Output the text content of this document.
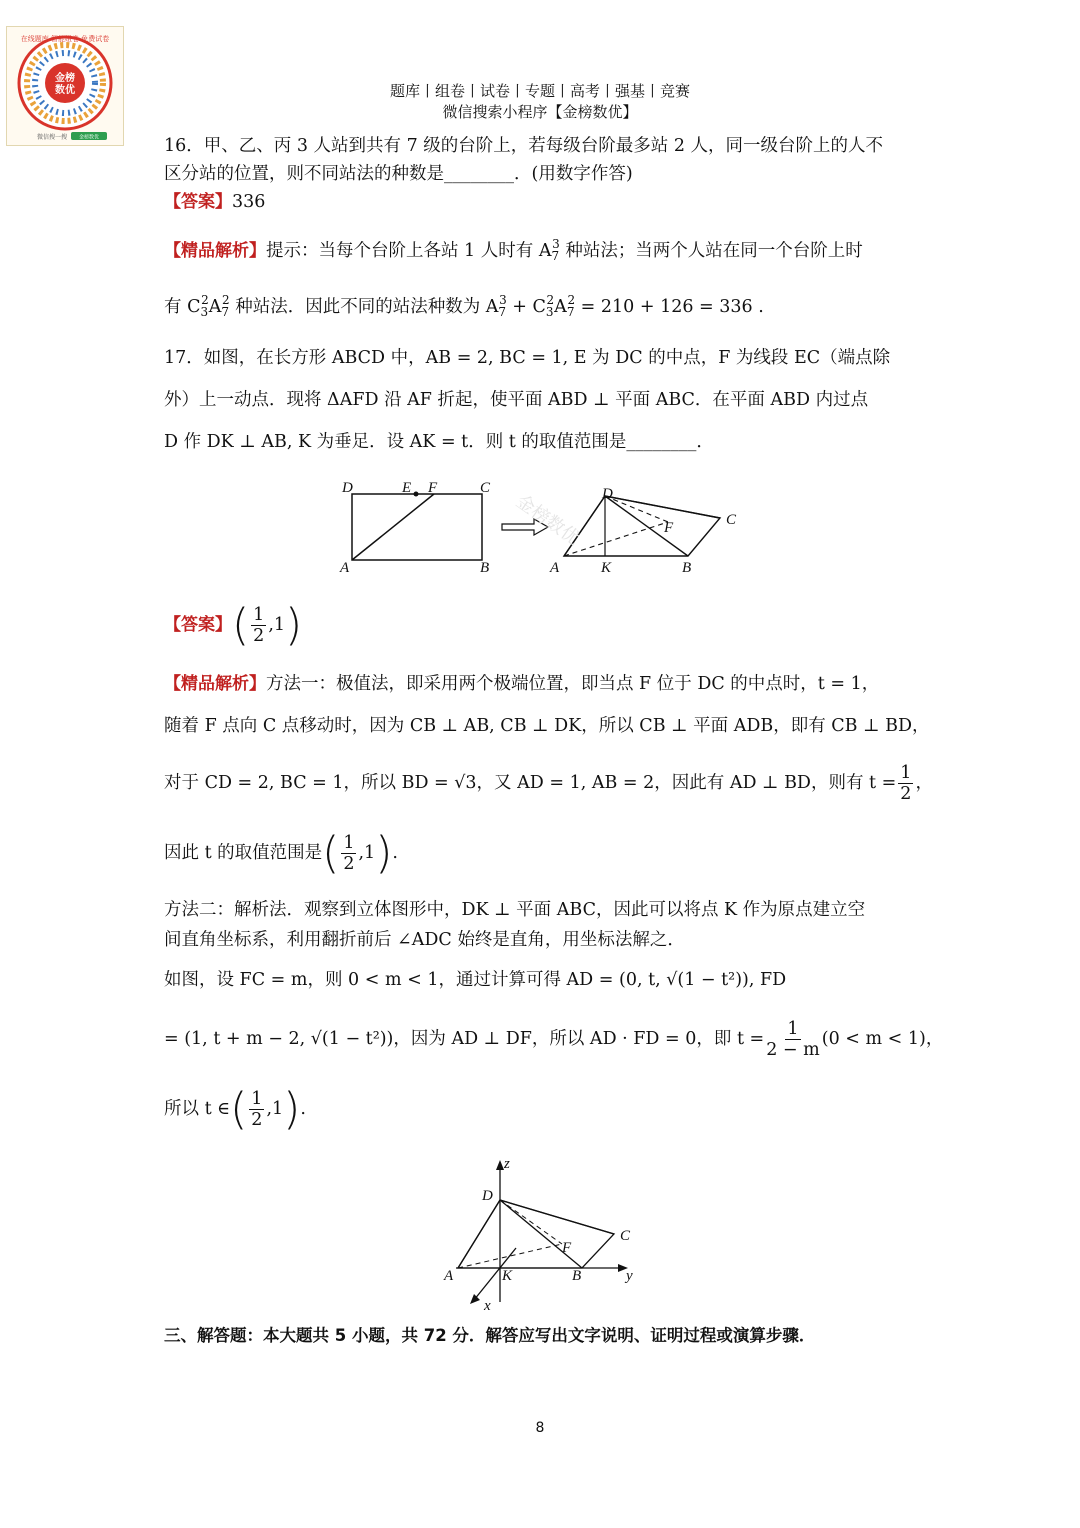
金榜
数优
在线题库 智能组卷 免费试卷
微信搜一搜 金榜数优
题库丨组卷丨试卷丨专题丨高考丨强基丨竞赛
微信搜索小程序【金榜数优】
16．甲、乙、丙 3 人站到共有 7 级的台阶上，若每级台阶最多站 2 人，同一级台阶上的人不
区分站的位置，则不同站法的种数是________．(用数字作答)
【答案】336
【精品解析】提示：当每个台阶上各站 1 人时有 $A_7^3$ 种站法；当两个人站在同一个台阶上时
有 $C_3^2A_7^2$ 种站法．因此不同的站法种数为 $A_7^3 + C_3^2A_7^2 = 210 + 126 = 336$ .
17．如图，在长方形 ABCD 中，AB = 2, BC = 1, E 为 DC 的中点，F 为线段 EC（端点除
外）上一动点．现将 ΔAFD 沿 AF 折起，使平面 ABD ⊥ 平面 ABC．在平面 ABD 内过点
D 作 DK ⊥ AB, K 为垂足．设 AK = t．则 t 的取值范围是________．
D	E F	C
A	B
D
C
F
A	K	B
金榜数优
【答案】( $\frac{1}{2} ,1$)
【精品解析】方法一：极值法，即采用两个极端位置，即当点 F 位于 DC 的中点时，t = 1，
随着 F 点向 C 点移动时，因为 CB ⊥ AB, CB ⊥ DK，所以 CB ⊥ 平面 ADB，即有 CB ⊥ BD，
对于 CD = 2, BC = 1，所以 BD = √3，又 AD = 1, AB = 2，因此有 AD ⊥ BD，则有 $t = \frac{1}{2}$ ，
因此 t 的取值范围是( $\frac{1}{2} ,1$).
方法二：解析法．观察到立体图形中，DK ⊥ 平面 ABC，因此可以将点 K 作为原点建立空
间直角坐标系，利用翻折前后 ∠ADC 始终是直角，用坐标法解之．
如图，设 FC = m，则 0 < m < 1，通过计算可得 AD = (0, t, √(1 − t²)), FD
= (1, t + m − 2, √(1 − t²))，因为 AD ⊥ DF，所以 AD · FD = 0，即 $t = \frac{1}{2 - m} (0 < m < 1)$，
所以 t ∈( $\frac{1}{2} ,1$).
z
D
C
F
A	K	B	y
x
三、解答题：本大题共 5 小题，共 72 分．解答应写出文字说明、证明过程或演算步骤．
8
